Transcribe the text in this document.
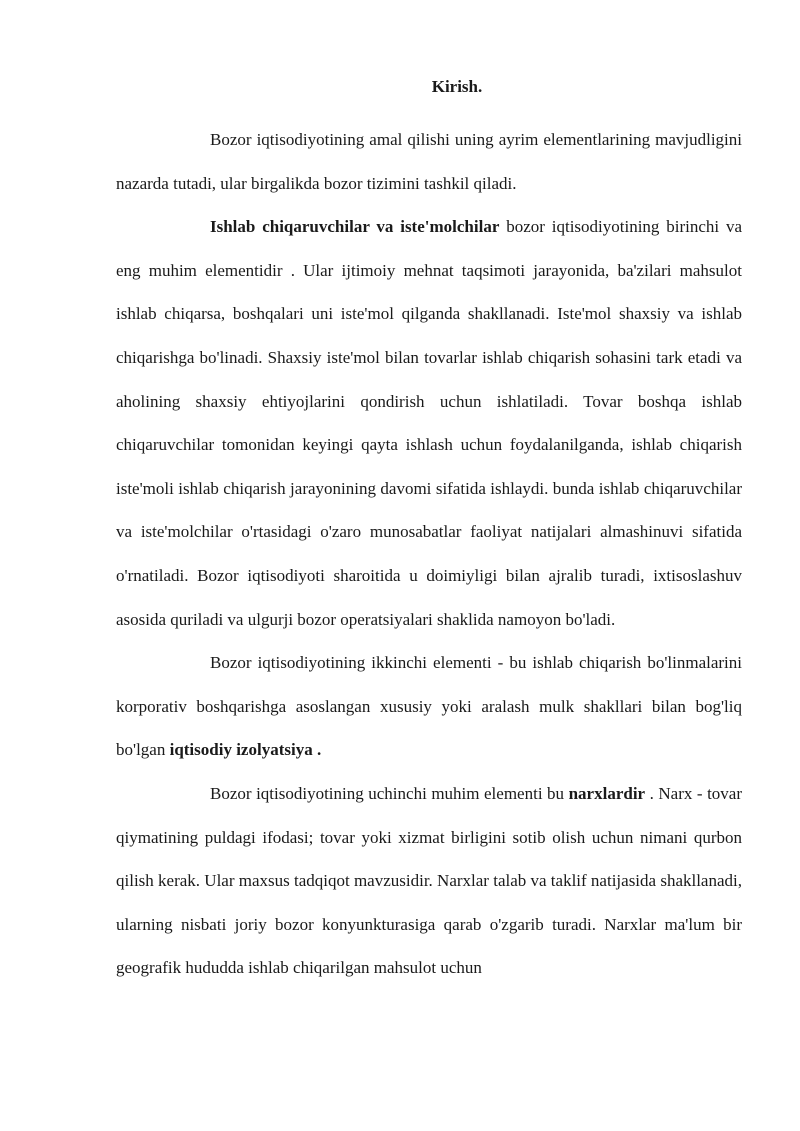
Kirish.

Bozor iqtisodiyotining amal qilishi uning ayrim elementlarining mavjudligini nazarda tutadi, ular birgalikda bozor tizimini tashkil qiladi.

Ishlab chiqaruvchilar va iste'molchilar bozor iqtisodiyotining birinchi va eng muhim elementidir . Ular ijtimoiy mehnat taqsimoti jarayonida, ba'zilari mahsulot ishlab chiqarsa, boshqalari uni iste'mol qilganda shakllanadi. Iste'mol shaxsiy va ishlab chiqarishga bo'linadi. Shaxsiy iste'mol bilan tovarlar ishlab chiqarish sohasini tark etadi va aholining shaxsiy ehtiyojlarini qondirish uchun ishlatiladi. Tovar boshqa ishlab chiqaruvchilar tomonidan keyingi qayta ishlash uchun foydalanilganda, ishlab chiqarish iste'moli ishlab chiqarish jarayonining davomi sifatida ishlaydi. bunda ishlab chiqaruvchilar va iste'molchilar o'rtasidagi o'zaro munosabatlar faoliyat natijalari almashinuvi sifatida o'rnatiladi. Bozor iqtisodiyoti sharoitida u doimiyligi bilan ajralib turadi, ixtisoslashuv asosida quriladi va ulgurji bozor operatsiyalari shaklida namoyon bo'ladi.

Bozor iqtisodiyotining ikkinchi elementi - bu ishlab chiqarish bo'linmalarini korporativ boshqarishga asoslangan xususiy yoki aralash mulk shakllari bilan bog'liq bo'lgan iqtisodiy izolyatsiya .

Bozor iqtisodiyotining uchinchi muhim elementi bu narxlardir . Narx - tovar qiymatining puldagi ifodasi; tovar yoki xizmat birligini sotib olish uchun nimani qurbon qilish kerak. Ular maxsus tadqiqot mavzusidir. Narxlar talab va taklif natijasida shakllanadi, ularning nisbati joriy bozor konyunkturasiga qarab o'zgarib turadi. Narxlar ma'lum bir geografik hududda ishlab chiqarilgan mahsulot uchun
